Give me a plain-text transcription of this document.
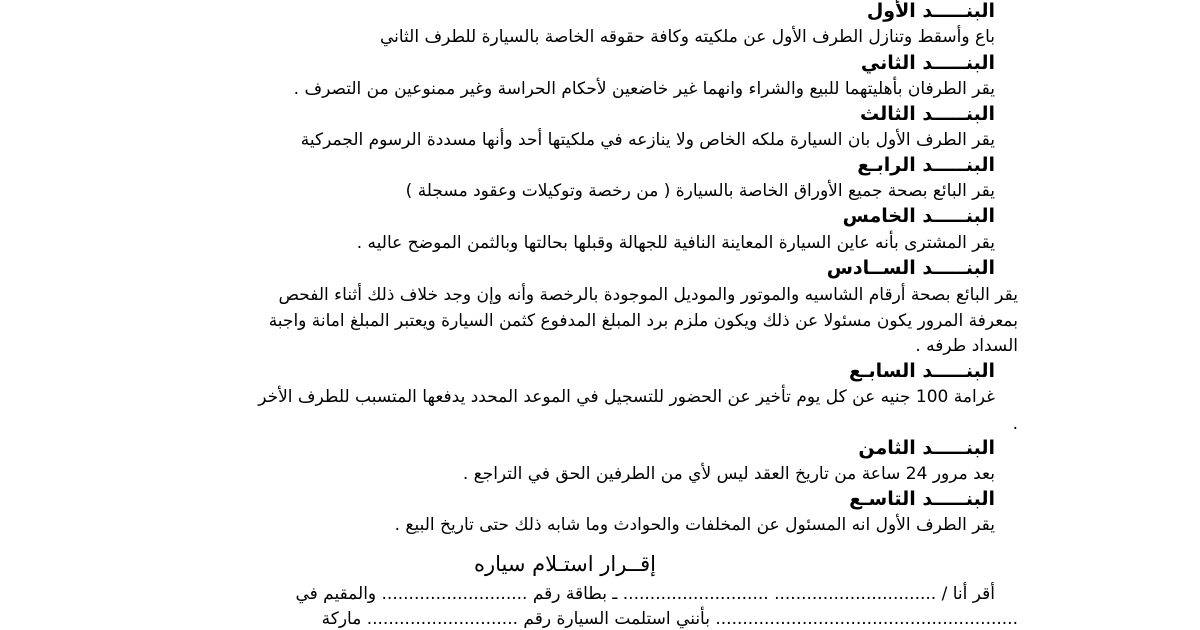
البنـــــد الأول
باع وأسقط وتنازل الطرف الأول عن ملكيته وكافة حقوقه الخاصة بالسيارة للطرف الثاني
البنـــــد الثاني
يقر الطرفان بأهليتهما للبيع والشراء وانهما غير خاضعين لأحكام الحراسة وغير ممنوعين من التصرف .
البنـــــد الثالث
يقر الطرف الأول بان السيارة ملكه الخاص ولا ينازعه في ملكيتها أحد وأنها مسددة الرسوم الجمركية
البنـــــد الرابـع
يقر البائع بصحة جميع الأوراق الخاصة بالسيارة ( من رخصة وتوكيلات وعقود مسجلة )
البنـــــد الخامس
يقر المشترى بأنه عاين السيارة المعاينة النافية للجهالة وقبلها بحالتها وبالثمن الموضح عاليه .
البنـــــد الســادس
يقر البائع بصحة أرقام الشاسيه والموتور والموديل الموجودة بالرخصة وأنه وإن وجد خلاف ذلك أثناء الفحص
بمعرفة المرور يكون مسئولا عن ذلك ويكون ملزم برد المبلغ المدفوع كثمن السيارة ويعتبر المبلغ امانة واجبة
السداد طرفه .
البنـــــد السابـع
غرامة 100 جنيه عن كل يوم تأخير عن الحضور للتسجيل في الموعد المحدد يدفعها المتسبب للطرف الأخر
.
البنـــــد الثامن
بعد مرور 24 ساعة من تاريخ العقد ليس لأي من الطرفين الحق في التراجع .
البنـــــد التاسـع
يقر الطرف الأول انه المسئول عن المخلفات والحوادث وما شابه ذلك حتى تاريخ البيع .
إقــرار استـلام سياره
أقر أنا / .............................. ........................... ـ بطاقة رقم ........................... والمقيم في
........................................................ بأنني استلمت السيارة رقم ............................ ماركة
